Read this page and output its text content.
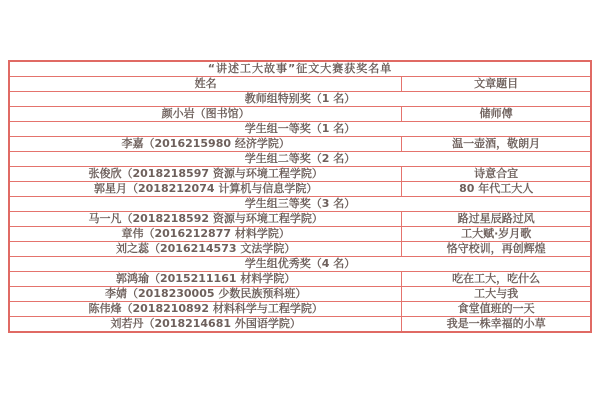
“讲述工大故事”征文大赛获奖名单	
姓名	文章题目
教师组特别奖（1 名）	
颜小岩（图书馆）	储师傅
学生组一等奖（1 名）	
李嘉（2016215980 经济学院）	温一壶酒，敬朗月
学生组二等奖（2 名）	
张俊欣（2018218597 资源与环境工程学院）	诗意合宜
郭星月（2018212074 计算机与信息学院）	80 年代工大人
学生组三等奖（3 名）	
马一凡（2018218592 资源与环境工程学院）	路过星辰路过风
章伟（2016212877 材料学院）	工大赋·岁月歌
刘之蕊（2016214573 文法学院）	恪守校训，再创辉煌
学生组优秀奖（4 名）	
郭鸿瑜（2015211161 材料学院）	吃在工大，吃什么
李婧（2018230005 少数民族预科班）	工大与我
陈伟烽（2018210892 材料科学与工程学院）	食堂值班的一天
刘若丹（2018214681 外国语学院）	我是一株幸福的小草
